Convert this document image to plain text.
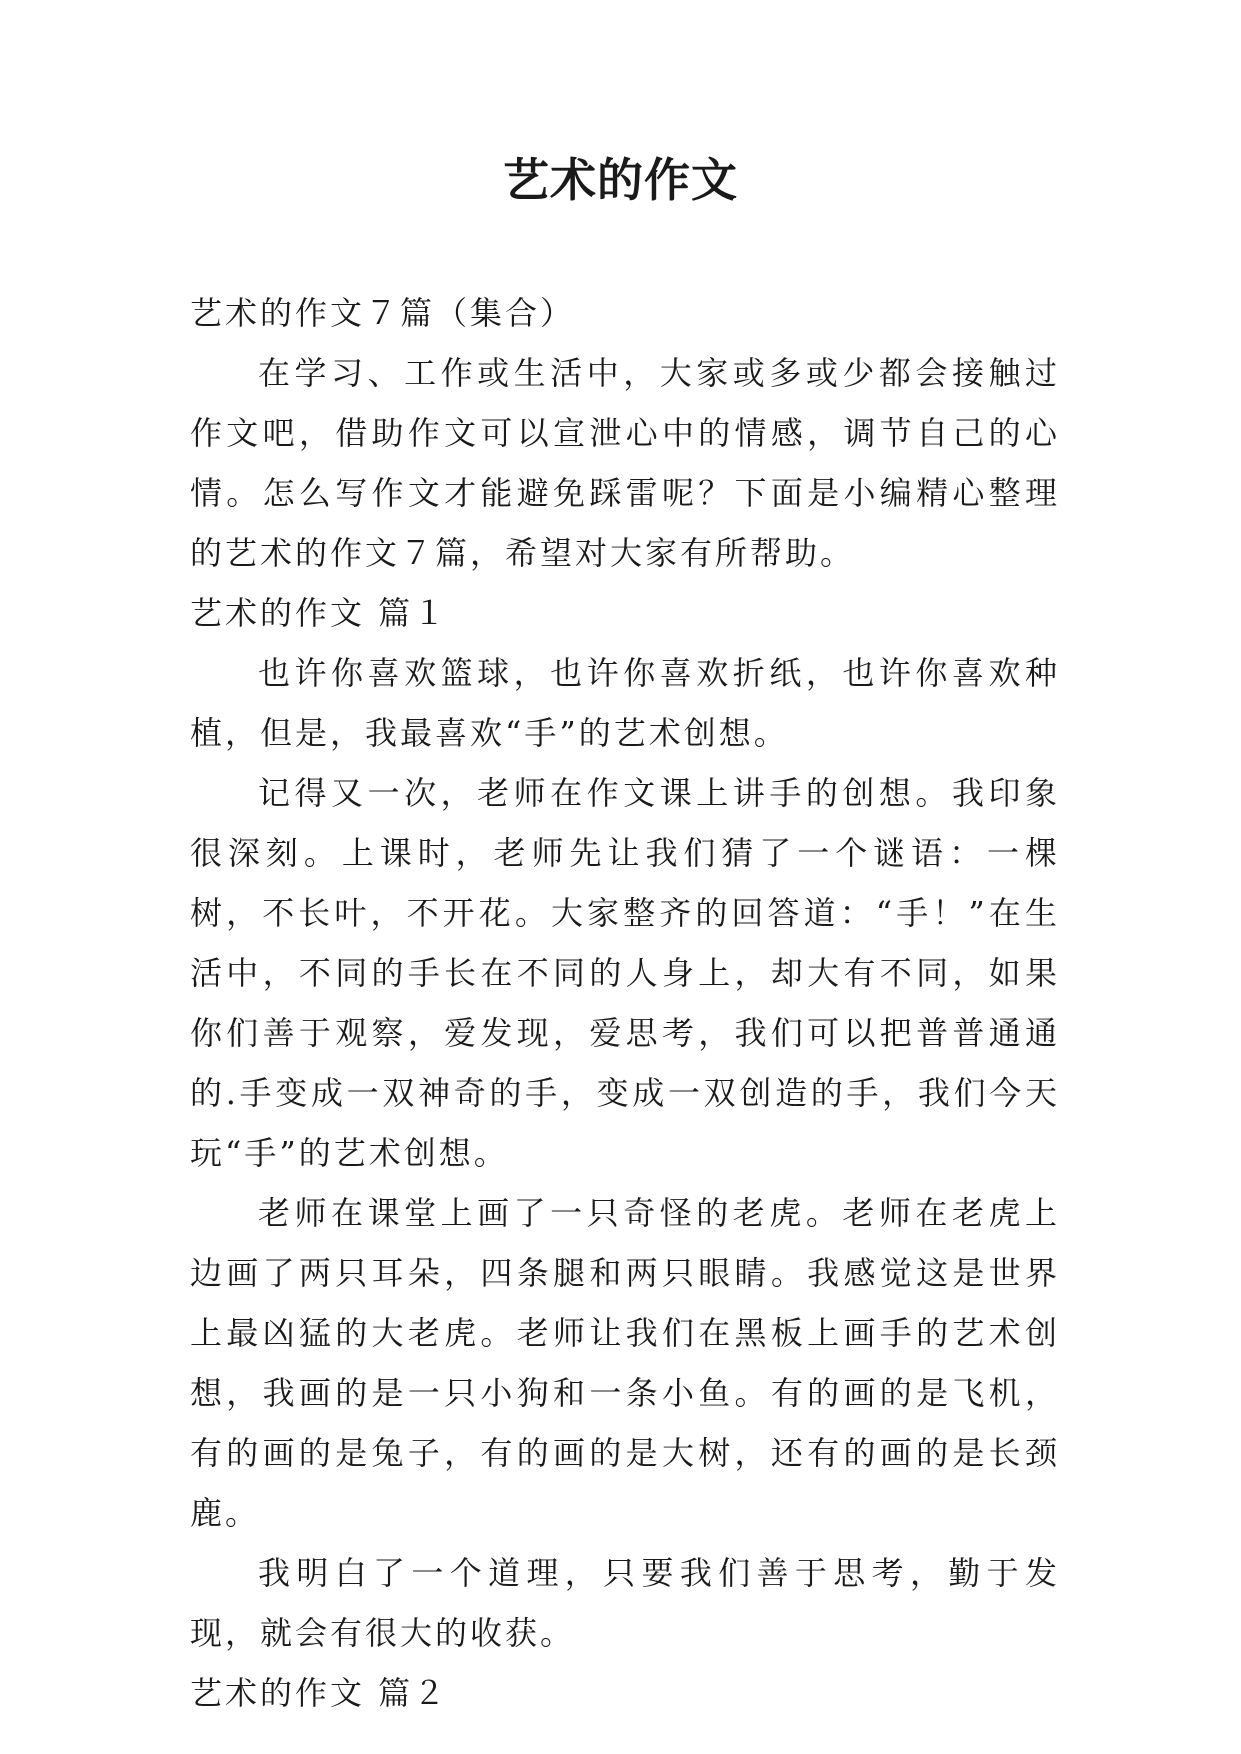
艺术的作文

艺术的作文７篇（集合）

在学习、工作或生活中，大家或多或少都会接触过作文吧，借助作文可以宣泄心中的情感，调节自己的心情。怎么写作文才能避免踩雷呢？下面是小编精心整理的艺术的作文７篇，希望对大家有所帮助。

艺术的作文 篇１

也许你喜欢篮球，也许你喜欢折纸，也许你喜欢种植，但是，我最喜欢“手”的艺术创想。

记得又一次，老师在作文课上讲手的创想。我印象很深刻。上课时，老师先让我们猜了一个谜语：一棵树，不长叶，不开花。大家整齐的回答道：“手！”在生活中，不同的手长在不同的人身上，却大有不同，如果你们善于观察，爱发现，爱思考，我们可以把普普通通的.手变成一双神奇的手，变成一双创造的手，我们今天玩“手”的艺术创想。

老师在课堂上画了一只奇怪的老虎。老师在老虎上边画了两只耳朵，四条腿和两只眼睛。我感觉这是世界上最凶猛的大老虎。老师让我们在黑板上画手的艺术创想，我画的是一只小狗和一条小鱼。有的画的是飞机，有的画的是兔子，有的画的是大树，还有的画的是长颈鹿。

我明白了一个道理，只要我们善于思考，勤于发现，就会有很大的收获。

艺术的作文 篇２
